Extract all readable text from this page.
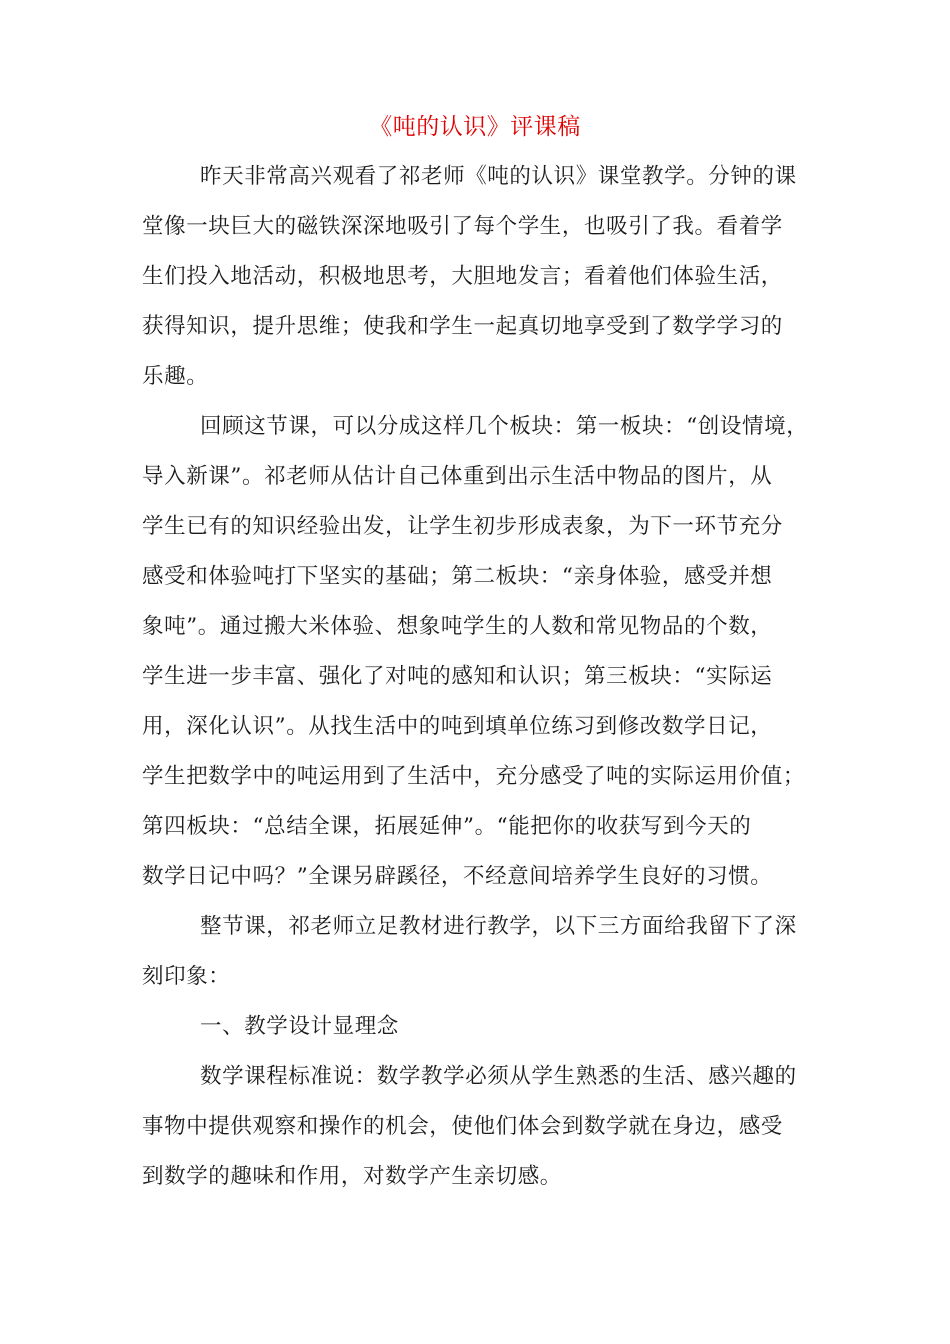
《吨的认识》评课稿
昨天非常高兴观看了祁老师《吨的认识》课堂教学。分钟的课
堂像一块巨大的磁铁深深地吸引了每个学生，也吸引了我。看着学
生们投入地活动，积极地思考，大胆地发言；看着他们体验生活，
获得知识，提升思维；使我和学生一起真切地享受到了数学学习的
乐趣。
回顾这节课，可以分成这样几个板块：第一板块：“创设情境，
导入新课”。祁老师从估计自己体重到出示生活中物品的图片，从
学生已有的知识经验出发，让学生初步形成表象，为下一环节充分
感受和体验吨打下坚实的基础；第二板块：“亲身体验，感受并想
象吨”。通过搬大米体验、想象吨学生的人数和常见物品的个数，
学生进一步丰富、强化了对吨的感知和认识；第三板块：“实际运
用，深化认识”。从找生活中的吨到填单位练习到修改数学日记，
学生把数学中的吨运用到了生活中，充分感受了吨的实际运用价值；
第四板块：“总结全课，拓展延伸”。“能把你的收获写到今天的
数学日记中吗？”全课另辟蹊径，不经意间培养学生良好的习惯。
整节课，祁老师立足教材进行教学，以下三方面给我留下了深
刻印象：
一、教学设计显理念
数学课程标准说：数学教学必须从学生熟悉的生活、感兴趣的
事物中提供观察和操作的机会，使他们体会到数学就在身边，感受
到数学的趣味和作用，对数学产生亲切感。
